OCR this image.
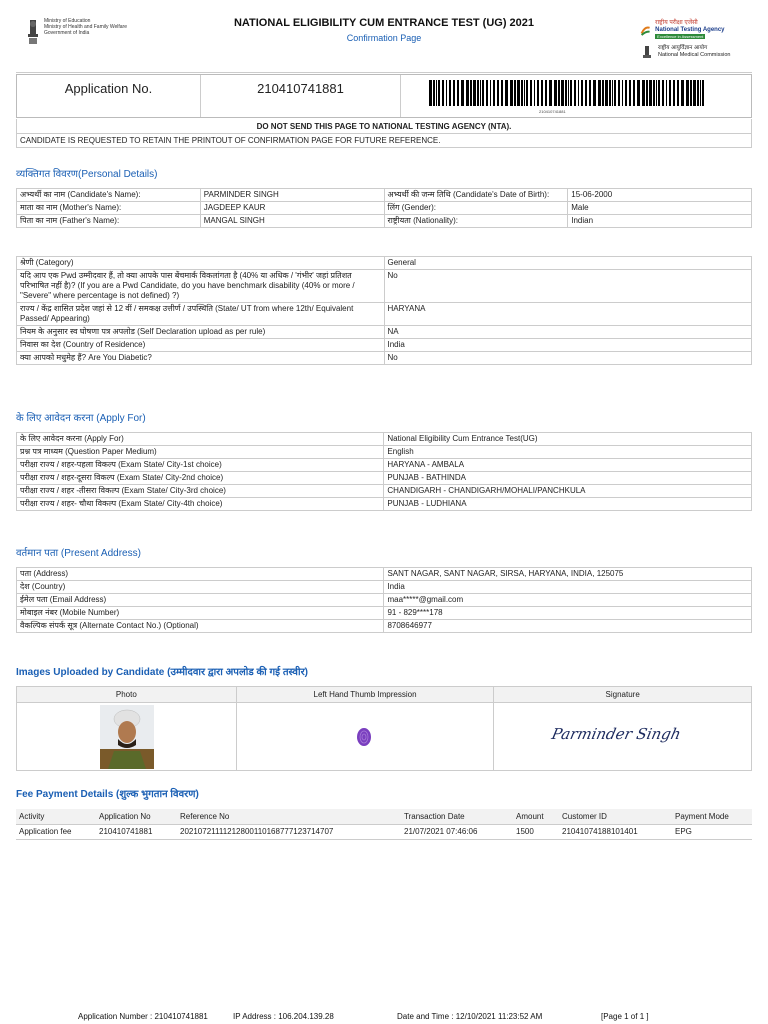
Ministry of Education
Ministry of Health and Family Welfare
Government of India
NATIONAL ELIGIBILITY CUM ENTRANCE TEST (UG) 2021
Confirmation Page
राष्ट्रीय परीक्षा एजेंसी
National Testing Agency Excellence in Assessment
राष्ट्रीय आयुर्विज्ञान आयोग
National Medical Commission
Application No.	210410741881
210410741881
DO NOT SEND THIS PAGE TO NATIONAL TESTING AGENCY (NTA).
CANDIDATE IS REQUESTED TO RETAIN THE PRINTOUT OF CONFIRMATION PAGE FOR FUTURE REFERENCE.
व्यक्तिगत विवरण(Personal Details)
अभ्यर्थी का नाम (Candidate's Name):	PARMINDER SINGH	अभ्यर्थी की जन्म तिथि (Candidate's Date of Birth):	15-06-2000
माता का नाम (Mother's Name):	JAGDEEP KAUR	लिंग (Gender):	Male
पिता का नाम (Father's Name):	MANGAL SINGH	राष्ट्रीयता (Nationality):	Indian
श्रेणी (Category)	General
यदि आप एक Pwd उम्मीदवार हैं, तो क्या आपके पास बेंचमार्क विकलांगता है (40% या अधिक / 'गंभीर' जहां प्रतिशत परिभाषित नहीं है)? (If you are a Pwd Candidate, do you have benchmark disability (40% or more / "Severe" where percentage is not defined) ?)	No
राज्य / केंद्र शासित प्रदेश जहां से 12 वीं / समकक्ष उत्तीर्ण / उपस्थिति (State/ UT from where 12th/ Equivalent Passed/ Appearing)	HARYANA
नियम के अनुसार स्व घोषणा पत्र अपलोड (Self Declaration upload as per rule)	NA
निवास का देश (Country of Residence)	India
क्या आपको मधुमेह हैं? Are You Diabetic?	No
के लिए आवेदन करना (Apply For)
के लिए आवेदन करना (Apply For)	National Eligibility Cum Entrance Test(UG)
प्रश्न पत्र माध्यम (Question Paper Medium)	English
परीक्षा राज्य / शहर-पहला विकल्प (Exam State/ City-1st choice)	HARYANA - AMBALA
परीक्षा राज्य / शहर-दूसरा विकल्प (Exam State/ City-2nd choice)	PUNJAB - BATHINDA
परीक्षा राज्य / शहर -तीसरा विकल्प (Exam State/ City-3rd choice)	CHANDIGARH - CHANDIGARH/MOHALI/PANCHKULA
परीक्षा राज्य / शहर- चौथा विकल्प (Exam State/ City-4th choice)	PUNJAB - LUDHIANA
वर्तमान पता (Present Address)
पता (Address)	SANT NAGAR, SANT NAGAR, SIRSA, HARYANA, INDIA, 125075
देश (Country)	India
ईमेल पता (Email Address)	maa*****@gmail.com
मोबाइल नंबर (Mobile Number)	91 - 829****178
वैकल्पिक संपर्क सूत्र (Alternate Contact No.) (Optional)	8708646977
Images Uploaded by Candidate (उम्मीदवार द्वारा अपलोड की गई तस्वीर)
Photo	Left Hand Thumb Impression	Signature

Parminder Singh
Fee Payment Details (शुल्क भुगतान विवरण)
Activity	Application No	Reference No	Transaction Date	Amount	Customer ID	Payment Mode
Application fee	210410741881	20210721111212800110168777123714707	21/07/2021 07:46:06	1500	21041074188101401	EPG
Application Number : 210410741881	IP Address : 106.204.139.28	Date and Time : 12/10/2021 11:23:52 AM	[Page 1 of 1 ]
